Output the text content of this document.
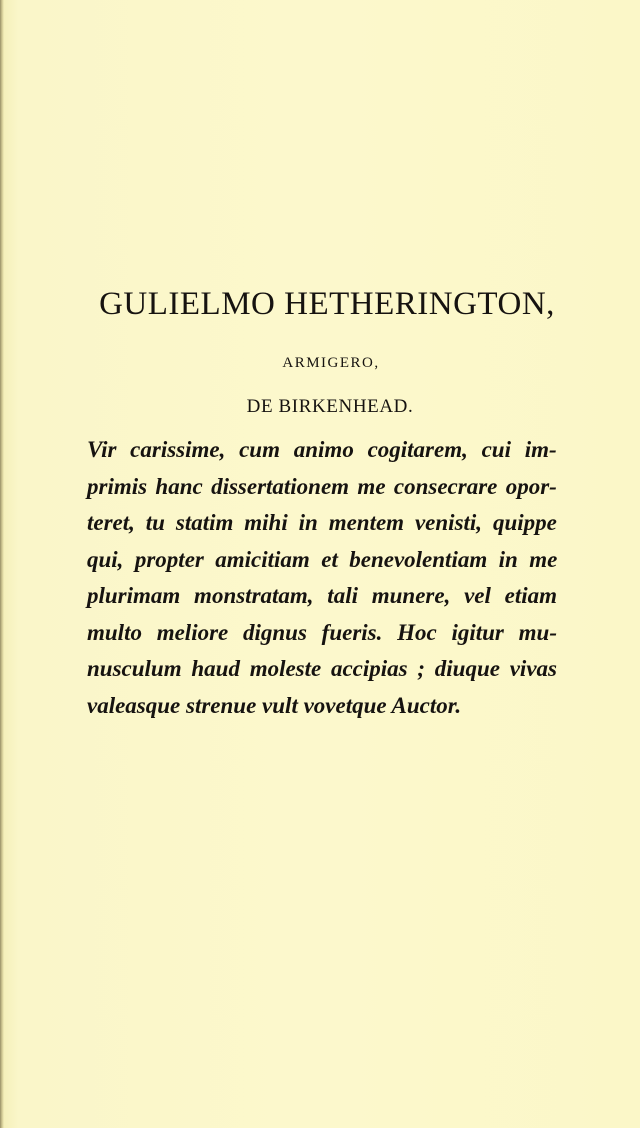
GULIELMO HETHERINGTON,
ARMIGERO,
DE BIRKENHEAD.
Vir carissime, cum animo cogitarem, cui im-
primis hanc dissertationem me consecrare opor-
teret, tu statim mihi in mentem venisti, quippe
qui, propter amicitiam et benevolentiam in me
plurimam monstratam, tali munere, vel etiam
multo meliore dignus fueris. Hoc igitur mu-
nusculum haud moleste accipias ; diuque vivas
valeasque strenue vult vovetque Auctor.
